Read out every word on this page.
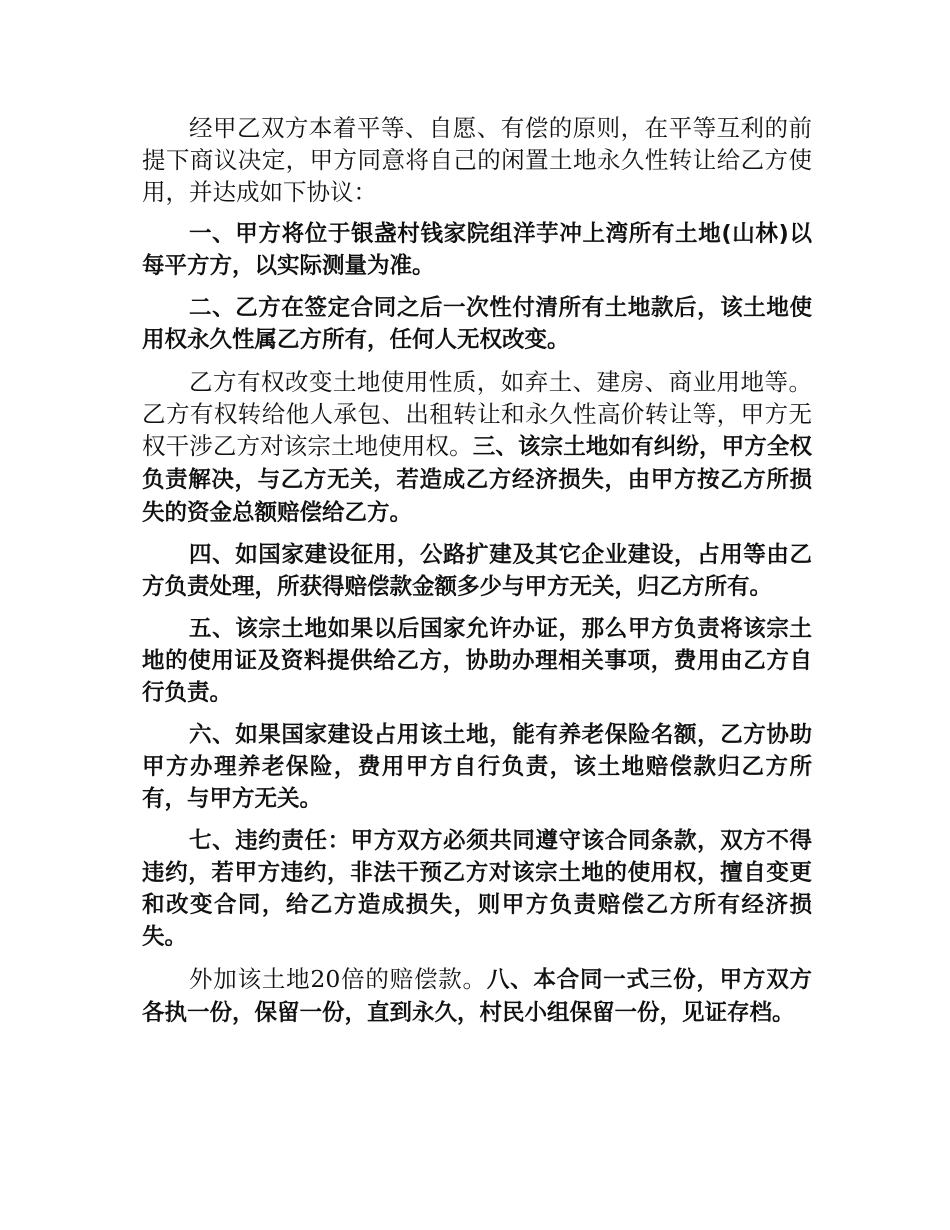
经甲乙双方本着平等、自愿、有偿的原则，在平等互利的前提下商议决定，甲方同意将自己的闲置土地永久性转让给乙方使用，并达成如下协议：

一、甲方将位于银盏村钱家院组洋芋冲上湾所有土地(山林)以每平方方，以实际测量为准。

二、乙方在签定合同之后一次性付清所有土地款后，该土地使用权永久性属乙方所有，任何人无权改变。

乙方有权改变土地使用性质，如弃土、建房、商业用地等。乙方有权转给他人承包、出租转让和永久性高价转让等，甲方无权干涉乙方对该宗土地使用权。三、该宗土地如有纠纷，甲方全权负责解决，与乙方无关，若造成乙方经济损失，由甲方按乙方所损失的资金总额赔偿给乙方。

四、如国家建设征用，公路扩建及其它企业建设，占用等由乙方负责处理，所获得赔偿款金额多少与甲方无关，归乙方所有。

五、该宗土地如果以后国家允许办证，那么甲方负责将该宗土地的使用证及资料提供给乙方，协助办理相关事项，费用由乙方自行负责。

六、如果国家建设占用该土地，能有养老保险名额，乙方协助甲方办理养老保险，费用甲方自行负责，该土地赔偿款归乙方所有，与甲方无关。

七、违约责任：甲方双方必须共同遵守该合同条款，双方不得违约，若甲方违约，非法干预乙方对该宗土地的使用权，擅自变更和改变合同，给乙方造成损失，则甲方负责赔偿乙方所有经济损失。

外加该土地20倍的赔偿款。八、本合同一式三份，甲方双方各执一份，保留一份，直到永久，村民小组保留一份，见证存档。
